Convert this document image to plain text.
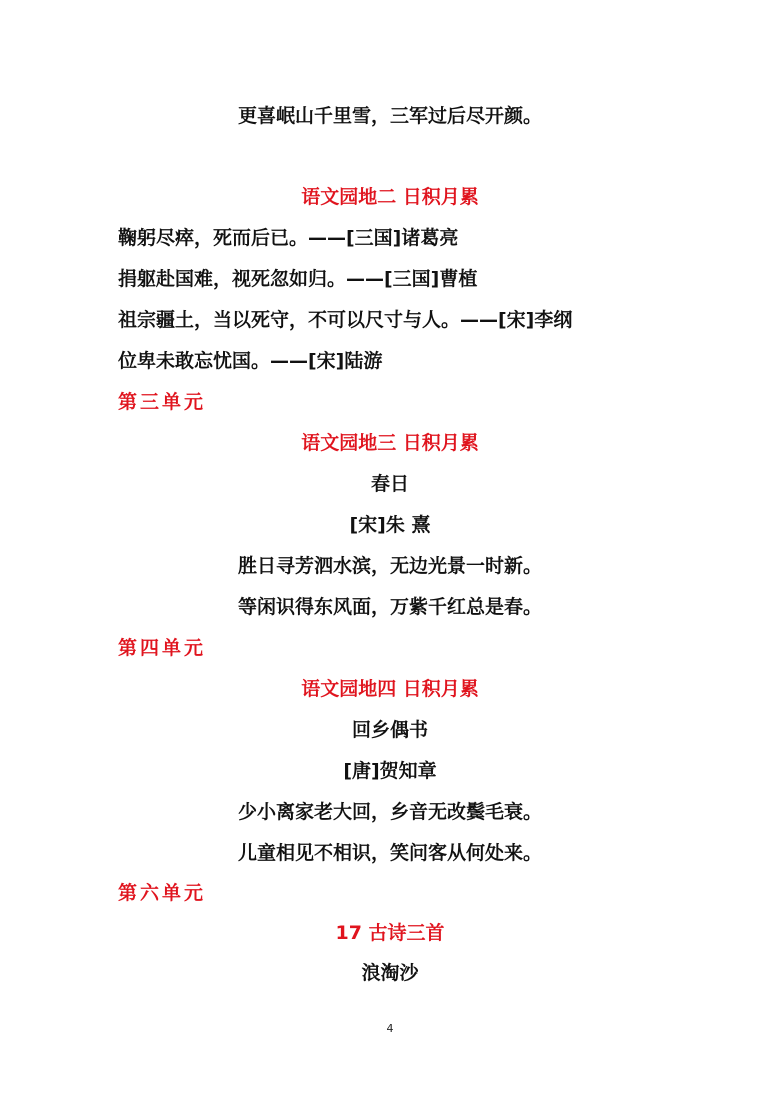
更喜岷山千里雪，三军过后尽开颜。
语文园地二 日积月累
鞠躬尽瘁，死而后已。——[三国]诸葛亮
捐躯赴国难，视死忽如归。——[三国]曹植
祖宗疆土，当以死守，不可以尺寸与人。——[宋]李纲
位卑未敢忘忧国。——[宋]陆游
第三单元
语文园地三 日积月累
春日
[宋]朱 熹
胜日寻芳泗水滨，无边光景一时新。
等闲识得东风面，万紫千红总是春。
第四单元
语文园地四 日积月累
回乡偶书
[唐]贺知章
少小离家老大回，乡音无改鬓毛衰。
儿童相见不相识，笑问客从何处来。
第六单元
17 古诗三首
浪淘沙
4
